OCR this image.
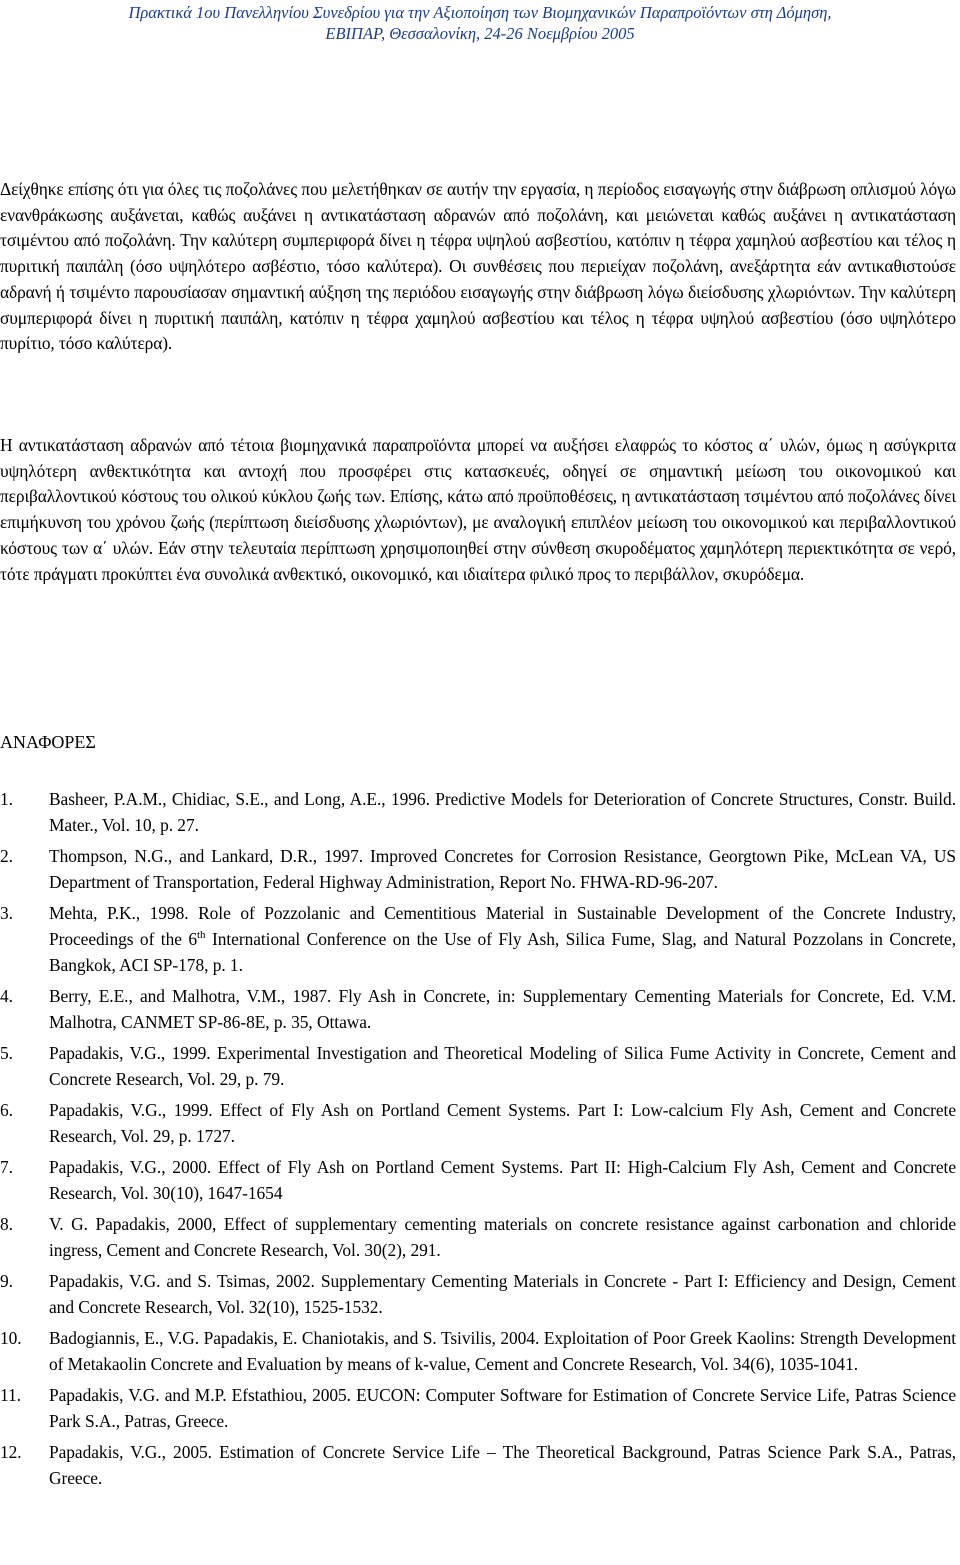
Πρακτικά 1ου Πανελληνίου Συνεδρίου για την Αξιοποίηση των Βιομηχανικών Παραπροϊόντων στη Δόμηση,
ΕΒΙΠΑΡ, Θεσσαλονίκη, 24-26 Νοεμβρίου 2005

Δείχθηκε επίσης ότι για όλες τις ποζολάνες που μελετήθηκαν σε αυτήν την εργασία, η περίοδος εισαγωγής στην διάβρωση οπλισμού λόγω ενανθράκωσης αυξάνεται, καθώς αυξάνει η αντικατάσταση αδρανών από ποζολάνη, και μειώνεται καθώς αυξάνει η αντικατάσταση τσιμέντου από ποζολάνη. Την καλύτερη συμπεριφορά δίνει η τέφρα υψηλού ασβεστίου, κατόπιν η τέφρα χαμηλού ασβεστίου και τέλος η πυριτική παιπάλη (όσο υψηλότερο ασβέστιο, τόσο καλύτερα). Οι συνθέσεις που περιείχαν ποζολάνη, ανεξάρτητα εάν αντικαθιστούσε αδρανή ή τσιμέντο παρουσίασαν σημαντική αύξηση της περιόδου εισαγωγής στην διάβρωση λόγω διείσδυσης χλωριόντων. Την καλύτερη συμπεριφορά δίνει η πυριτική παιπάλη, κατόπιν η τέφρα χαμηλού ασβεστίου και τέλος η τέφρα υψηλού ασβεστίου (όσο υψηλότερο πυρίτιο, τόσο καλύτερα).

Η αντικατάσταση αδρανών από τέτοια βιομηχανικά παραπροϊόντα μπορεί να αυξήσει ελαφρώς το κόστος α΄ υλών, όμως η ασύγκριτα υψηλότερη ανθεκτικότητα και αντοχή που προσφέρει στις κατασκευές, οδηγεί σε σημαντική μείωση του οικονομικού και περιβαλλοντικού κόστους του ολικού κύκλου ζωής των. Επίσης, κάτω από προϋποθέσεις, η αντικατάσταση τσιμέντου από ποζολάνες δίνει επιμήκυνση του χρόνου ζωής (περίπτωση διείσδυσης χλωριόντων), με αναλογική επιπλέον μείωση του οικονομικού και περιβαλλοντικού κόστους των α΄ υλών. Εάν στην τελευταία περίπτωση χρησιμοποιηθεί στην σύνθεση σκυροδέματος χαμηλότερη περιεκτικότητα σε νερό, τότε πράγματι προκύπτει ένα συνολικά ανθεκτικό, οικονομικό, και ιδιαίτερα φιλικό προς το περιβάλλον, σκυρόδεμα.

ΑΝΑΦΟΡΕΣ
1. Basheer, P.A.M., Chidiac, S.E., and Long, A.E., 1996. Predictive Models for Deterioration of Concrete Structures, Constr. Build. Mater., Vol. 10, p. 27.
2. Thompson, N.G., and Lankard, D.R., 1997. Improved Concretes for Corrosion Resistance, Georgtown Pike, McLean VA, US Department of Transportation, Federal Highway Administration, Report No. FHWA-RD-96-207.
3. Mehta, P.K., 1998. Role of Pozzolanic and Cementitious Material in Sustainable Development of the Concrete Industry, Proceedings of the 6th International Conference on the Use of Fly Ash, Silica Fume, Slag, and Natural Pozzolans in Concrete, Bangkok, ACI SP-178, p. 1.
4. Berry, E.E., and Malhotra, V.M., 1987. Fly Ash in Concrete, in: Supplementary Cementing Materials for Concrete, Ed. V.M. Malhotra, CANMET SP-86-8E, p. 35, Ottawa.
5. Papadakis, V.G., 1999. Experimental Investigation and Theoretical Modeling of Silica Fume Activity in Concrete, Cement and Concrete Research, Vol. 29, p. 79.
6. Papadakis, V.G., 1999. Effect of Fly Ash on Portland Cement Systems. Part I: Low-calcium Fly Ash, Cement and Concrete Research, Vol. 29, p. 1727.
7. Papadakis, V.G., 2000. Effect of Fly Ash on Portland Cement Systems. Part II: High-Calcium Fly Ash, Cement and Concrete Research, Vol. 30(10), 1647-1654
8. V. G. Papadakis, 2000, Effect of supplementary cementing materials on concrete resistance against carbonation and chloride ingress, Cement and Concrete Research, Vol. 30(2), 291.
9. Papadakis, V.G. and S. Tsimas, 2002. Supplementary Cementing Materials in Concrete - Part I: Efficiency and Design, Cement and Concrete Research, Vol. 32(10), 1525-1532.
10. Badogiannis, E., V.G. Papadakis, E. Chaniotakis, and S. Tsivilis, 2004. Exploitation of Poor Greek Kaolins: Strength Development of Metakaolin Concrete and Evaluation by means of k-value, Cement and Concrete Research, Vol. 34(6), 1035-1041.
11. Papadakis, V.G. and M.P. Efstathiou, 2005. EUCON: Computer Software for Estimation of Concrete Service Life, Patras Science Park S.A., Patras, Greece.
12. Papadakis, V.G., 2005. Estimation of Concrete Service Life – The Theoretical Background, Patras Science Park S.A., Patras, Greece.
